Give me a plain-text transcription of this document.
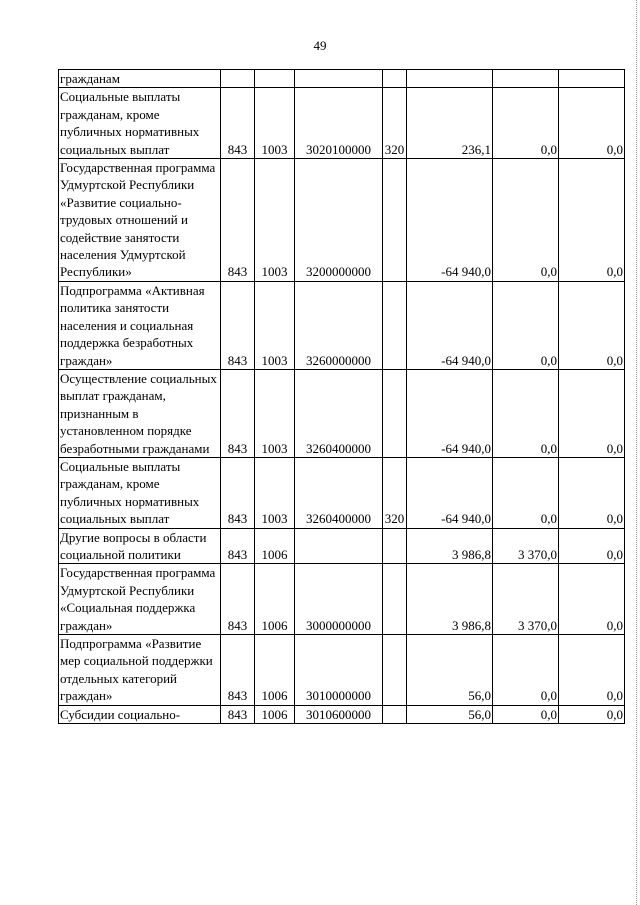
49
гражданам							
Социальные выплаты гражданам, кроме публичных нормативных социальных выплат	843	1003	3020100000	320	236,1	0,0	0,0
Государственная программа Удмуртской Республики «Развитие социально-трудовых отношений и содействие занятости населения Удмуртской Республики»	843	1003	3200000000		-64 940,0	0,0	0,0
Подпрограмма «Активная политика занятости населения и социальная поддержка безработных граждан»	843	1003	3260000000		-64 940,0	0,0	0,0
Осуществление социальных выплат гражданам, признанным в установленном порядке безработными гражданами	843	1003	3260400000		-64 940,0	0,0	0,0
Социальные выплаты гражданам, кроме публичных нормативных социальных выплат	843	1003	3260400000	320	-64 940,0	0,0	0,0
Другие вопросы в области социальной политики	843	1006			3 986,8	3 370,0	0,0
Государственная программа Удмуртской Республики «Социальная поддержка граждан»	843	1006	3000000000		3 986,8	3 370,0	0,0
Подпрограмма «Развитие мер социальной поддержки отдельных категорий граждан»	843	1006	3010000000		56,0	0,0	0,0
Субсидии социально-	843	1006	3010600000		56,0	0,0	0,0
